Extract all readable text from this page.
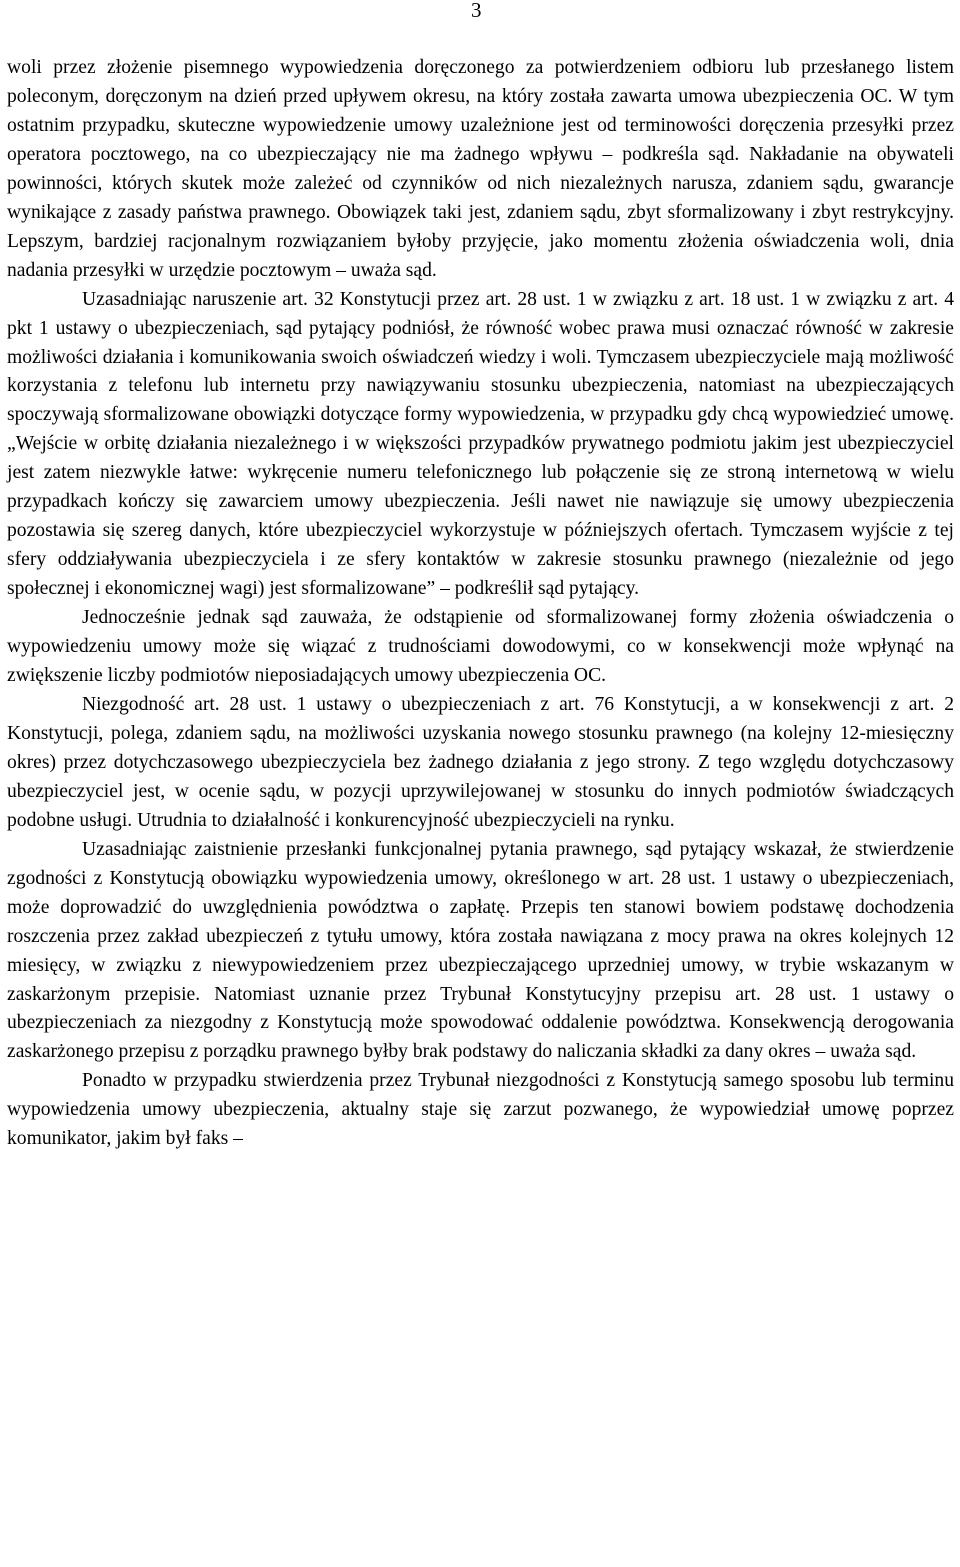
3

woli przez złożenie pisemnego wypowiedzenia doręczonego za potwierdzeniem odbioru lub przesłanego listem poleconym, doręczonym na dzień przed upływem okresu, na który została zawarta umowa ubezpieczenia OC. W tym ostatnim przypadku, skuteczne wypowiedzenie umowy uzależnione jest od terminowości doręczenia przesyłki przez operatora pocztowego, na co ubezpieczający nie ma żadnego wpływu – podkreśla sąd. Nakładanie na obywateli powinności, których skutek może zależeć od czynników od nich niezależnych narusza, zdaniem sądu, gwarancje wynikające z zasady państwa prawnego. Obowiązek taki jest, zdaniem sądu, zbyt sformalizowany i zbyt restrykcyjny. Lepszym, bardziej racjonalnym rozwiązaniem byłoby przyjęcie, jako momentu złożenia oświadczenia woli, dnia nadania przesyłki w urzędzie pocztowym – uważa sąd.

Uzasadniając naruszenie art. 32 Konstytucji przez art. 28 ust. 1 w związku z art. 18 ust. 1 w związku z art. 4 pkt 1 ustawy o ubezpieczeniach, sąd pytający podniósł, że równość wobec prawa musi oznaczać równość w zakresie możliwości działania i komunikowania swoich oświadczeń wiedzy i woli. Tymczasem ubezpieczyciele mają możliwość korzystania z telefonu lub internetu przy nawiązywaniu stosunku ubezpieczenia, natomiast na ubezpieczających spoczywają sformalizowane obowiązki dotyczące formy wypowiedzenia, w przypadku gdy chcą wypowiedzieć umowę. „Wejście w orbitę działania niezależnego i w większości przypadków prywatnego podmiotu jakim jest ubezpieczyciel jest zatem niezwykle łatwe: wykręcenie numeru telefonicznego lub połączenie się ze stroną internetową w wielu przypadkach kończy się zawarciem umowy ubezpieczenia. Jeśli nawet nie nawiązuje się umowy ubezpieczenia pozostawia się szereg danych, które ubezpieczyciel wykorzystuje w późniejszych ofertach. Tymczasem wyjście z tej sfery oddziaływania ubezpieczyciela i ze sfery kontaktów w zakresie stosunku prawnego (niezależnie od jego społecznej i ekonomicznej wagi) jest sformalizowane” – podkreślił sąd pytający.

Jednocześnie jednak sąd zauważa, że odstąpienie od sformalizowanej formy złożenia oświadczenia o wypowiedzeniu umowy może się wiązać z trudnościami dowodowymi, co w konsekwencji może wpłynąć na zwiększenie liczby podmiotów nieposiadających umowy ubezpieczenia OC.

Niezgodność art. 28 ust. 1 ustawy o ubezpieczeniach z art. 76 Konstytucji, a w konsekwencji z art. 2 Konstytucji, polega, zdaniem sądu, na możliwości uzyskania nowego stosunku prawnego (na kolejny 12-miesięczny okres) przez dotychczasowego ubezpieczyciela bez żadnego działania z jego strony. Z tego względu dotychczasowy ubezpieczyciel jest, w ocenie sądu, w pozycji uprzywilejowanej w stosunku do innych podmiotów świadczących podobne usługi. Utrudnia to działalność i konkurencyjność ubezpieczycieli na rynku.

Uzasadniając zaistnienie przesłanki funkcjonalnej pytania prawnego, sąd pytający wskazał, że stwierdzenie zgodności z Konstytucją obowiązku wypowiedzenia umowy, określonego w art. 28 ust. 1 ustawy o ubezpieczeniach, może doprowadzić do uwzględnienia powództwa o zapłatę. Przepis ten stanowi bowiem podstawę dochodzenia roszczenia przez zakład ubezpieczeń z tytułu umowy, która została nawiązana z mocy prawa na okres kolejnych 12 miesięcy, w związku z niewypowiedzeniem przez ubezpieczającego uprzedniej umowy, w trybie wskazanym w zaskarżonym przepisie. Natomiast uznanie przez Trybunał Konstytucyjny przepisu art. 28 ust. 1 ustawy o ubezpieczeniach za niezgodny z Konstytucją może spowodować oddalenie powództwa. Konsekwencją derogowania zaskarżonego przepisu z porządku prawnego byłby brak podstawy do naliczania składki za dany okres – uważa sąd.

Ponadto w przypadku stwierdzenia przez Trybunał niezgodności z Konstytucją samego sposobu lub terminu wypowiedzenia umowy ubezpieczenia, aktualny staje się zarzut pozwanego, że wypowiedział umowę poprzez komunikator, jakim był faks –
